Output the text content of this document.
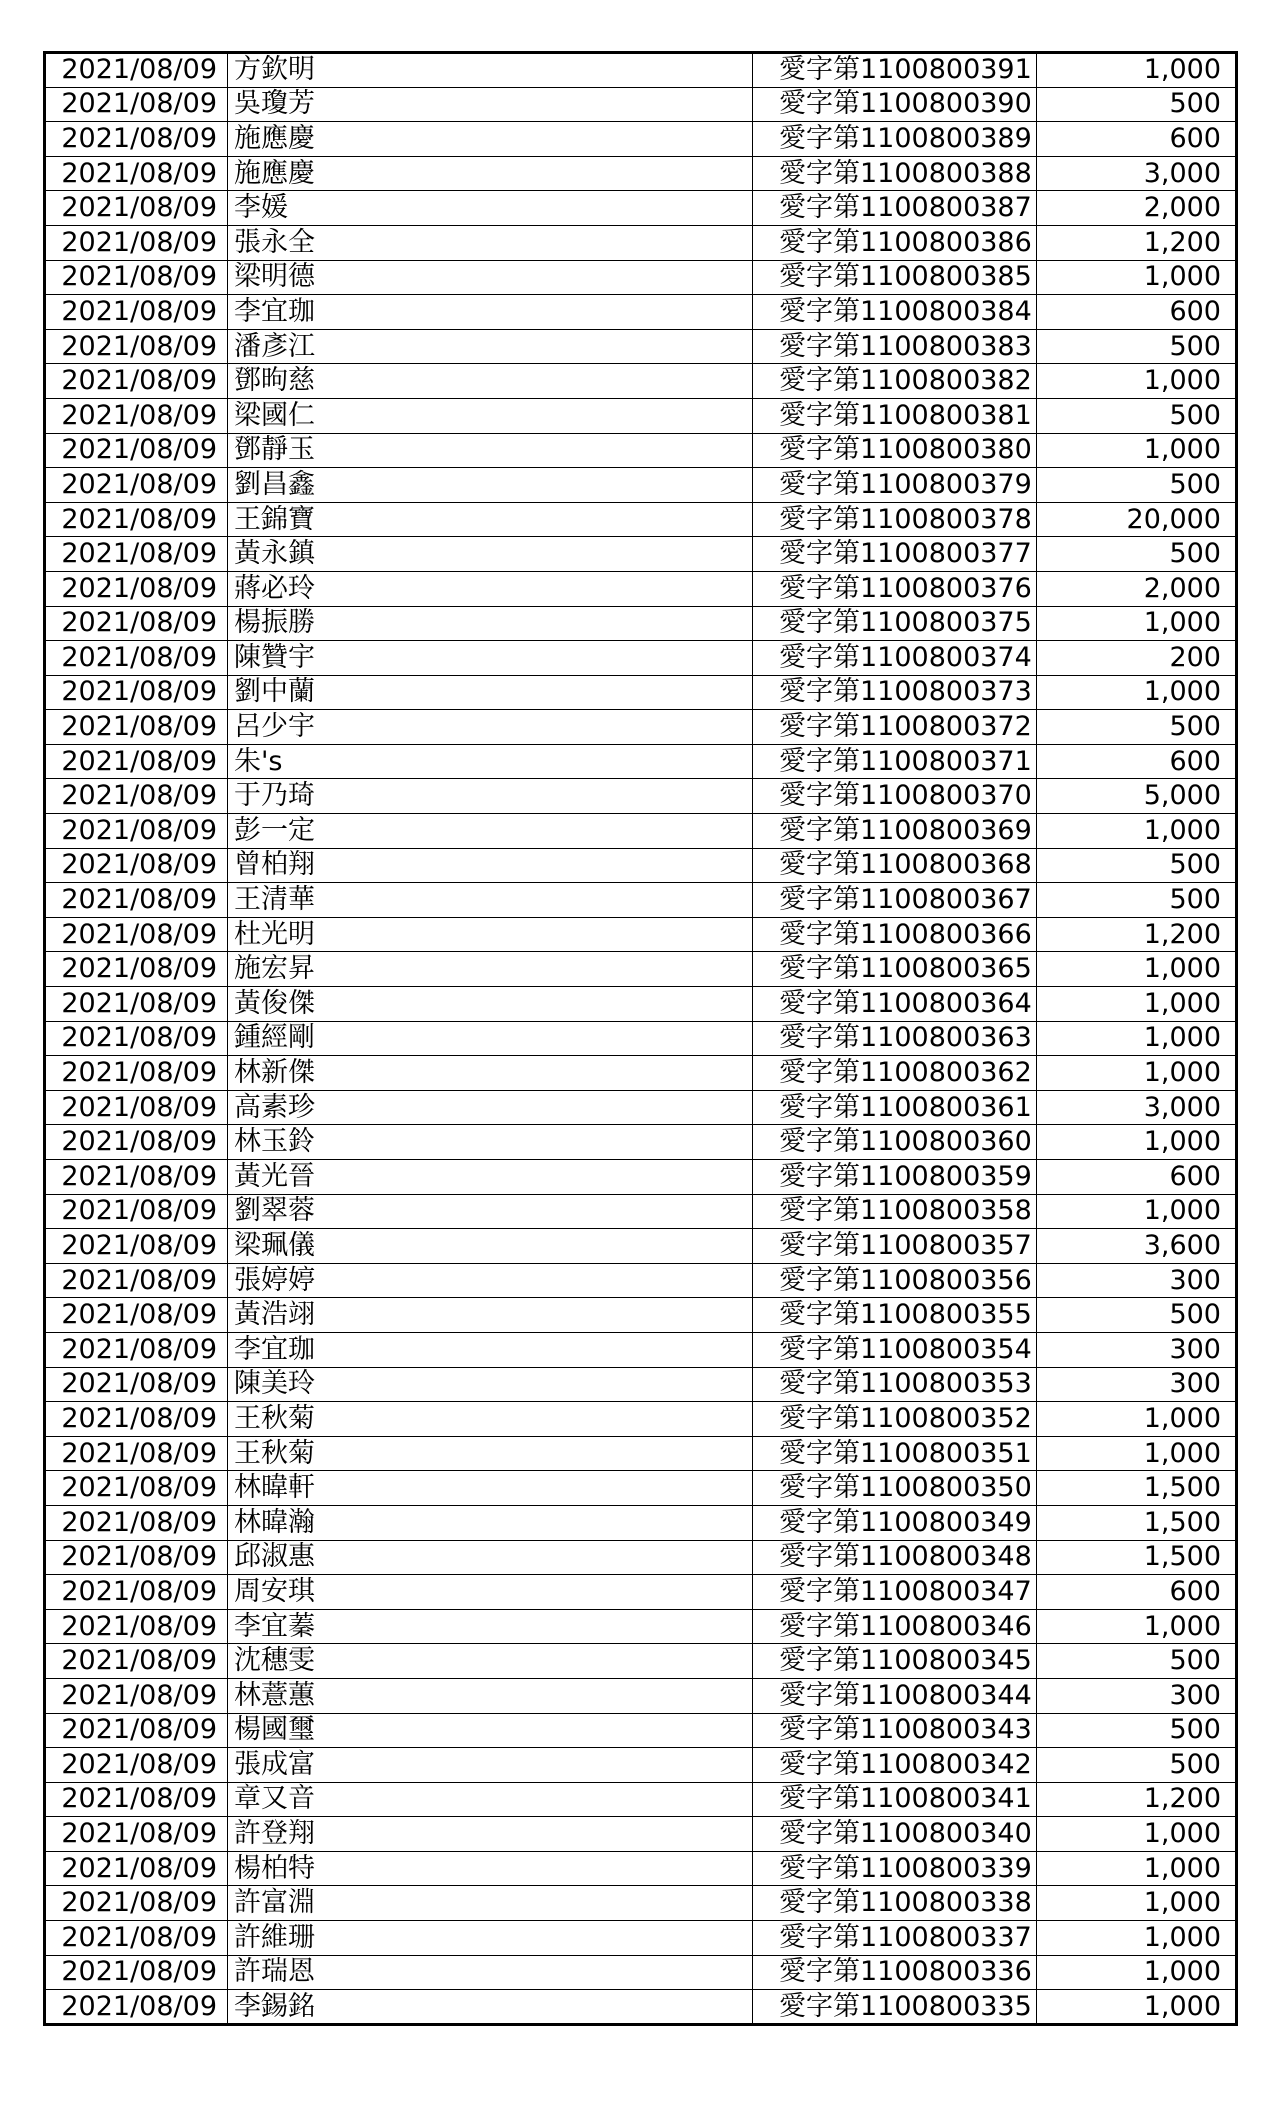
2021/08/09	方欽明	愛字第1100800391	1,000
2021/08/09	吳瓊芳	愛字第1100800390	500
2021/08/09	施應慶	愛字第1100800389	600
2021/08/09	施應慶	愛字第1100800388	3,000
2021/08/09	李媛	愛字第1100800387	2,000
2021/08/09	張永全	愛字第1100800386	1,200
2021/08/09	梁明德	愛字第1100800385	1,000
2021/08/09	李宜珈	愛字第1100800384	600
2021/08/09	潘彥江	愛字第1100800383	500
2021/08/09	鄧昫慈	愛字第1100800382	1,000
2021/08/09	梁國仁	愛字第1100800381	500
2021/08/09	鄧靜玉	愛字第1100800380	1,000
2021/08/09	劉昌鑫	愛字第1100800379	500
2021/08/09	王錦寶	愛字第1100800378	20,000
2021/08/09	黃永鎮	愛字第1100800377	500
2021/08/09	蔣必玲	愛字第1100800376	2,000
2021/08/09	楊振勝	愛字第1100800375	1,000
2021/08/09	陳贊宇	愛字第1100800374	200
2021/08/09	劉中蘭	愛字第1100800373	1,000
2021/08/09	呂少宇	愛字第1100800372	500
2021/08/09	朱's	愛字第1100800371	600
2021/08/09	于乃琦	愛字第1100800370	5,000
2021/08/09	彭一定	愛字第1100800369	1,000
2021/08/09	曾柏翔	愛字第1100800368	500
2021/08/09	王清華	愛字第1100800367	500
2021/08/09	杜光明	愛字第1100800366	1,200
2021/08/09	施宏昇	愛字第1100800365	1,000
2021/08/09	黃俊傑	愛字第1100800364	1,000
2021/08/09	鍾經剛	愛字第1100800363	1,000
2021/08/09	林新傑	愛字第1100800362	1,000
2021/08/09	高素珍	愛字第1100800361	3,000
2021/08/09	林玉鈴	愛字第1100800360	1,000
2021/08/09	黃光晉	愛字第1100800359	600
2021/08/09	劉翠蓉	愛字第1100800358	1,000
2021/08/09	梁珮儀	愛字第1100800357	3,600
2021/08/09	張婷婷	愛字第1100800356	300
2021/08/09	黃浩翊	愛字第1100800355	500
2021/08/09	李宜珈	愛字第1100800354	300
2021/08/09	陳美玲	愛字第1100800353	300
2021/08/09	王秋菊	愛字第1100800352	1,000
2021/08/09	王秋菊	愛字第1100800351	1,000
2021/08/09	林暐軒	愛字第1100800350	1,500
2021/08/09	林暐瀚	愛字第1100800349	1,500
2021/08/09	邱淑惠	愛字第1100800348	1,500
2021/08/09	周安琪	愛字第1100800347	600
2021/08/09	李宜蓁	愛字第1100800346	1,000
2021/08/09	沈穗雯	愛字第1100800345	500
2021/08/09	林薏蕙	愛字第1100800344	300
2021/08/09	楊國璽	愛字第1100800343	500
2021/08/09	張成富	愛字第1100800342	500
2021/08/09	章又音	愛字第1100800341	1,200
2021/08/09	許登翔	愛字第1100800340	1,000
2021/08/09	楊柏特	愛字第1100800339	1,000
2021/08/09	許富淵	愛字第1100800338	1,000
2021/08/09	許維珊	愛字第1100800337	1,000
2021/08/09	許瑞恩	愛字第1100800336	1,000
2021/08/09	李錫銘	愛字第1100800335	1,000
